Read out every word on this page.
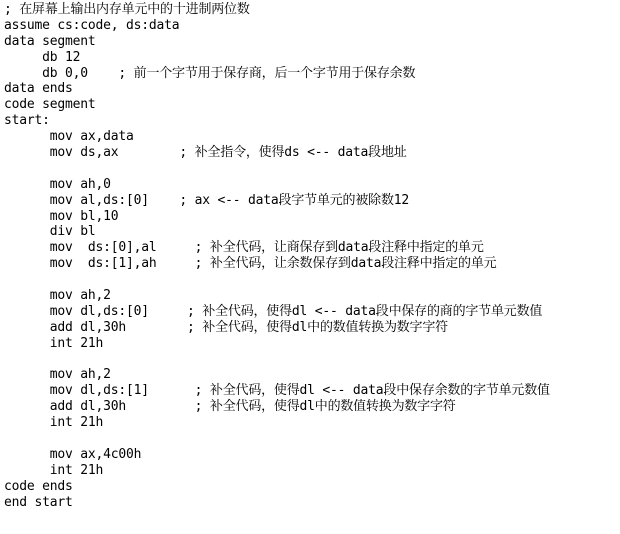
; 在屏幕上输出内存单元中的十进制两位数
assume cs:code, ds:data
data segment
db 12
db 0,0    ; 前一个字节用于保存商，后一个字节用于保存余数
data ends
code segment
start:
mov ax,data
mov ds,ax        ; 补全指令，使得ds <-- data段地址
mov ah,0
mov al,ds:[0]    ; ax <-- data段字节单元的被除数12
mov bl,10
div bl
mov  ds:[0],al     ; 补全代码，让商保存到data段注释中指定的单元
mov  ds:[1],ah     ; 补全代码，让余数保存到data段注释中指定的单元
mov ah,2
mov dl,ds:[0]     ; 补全代码，使得dl <-- data段中保存的商的字节单元数值
add dl,30h        ; 补全代码，使得dl中的数值转换为数字字符
int 21h
mov ah,2
mov dl,ds:[1]      ; 补全代码，使得dl <-- data段中保存余数的字节单元数值
add dl,30h         ; 补全代码，使得dl中的数值转换为数字字符
int 21h
mov ax,4c00h
int 21h
code ends
end start
